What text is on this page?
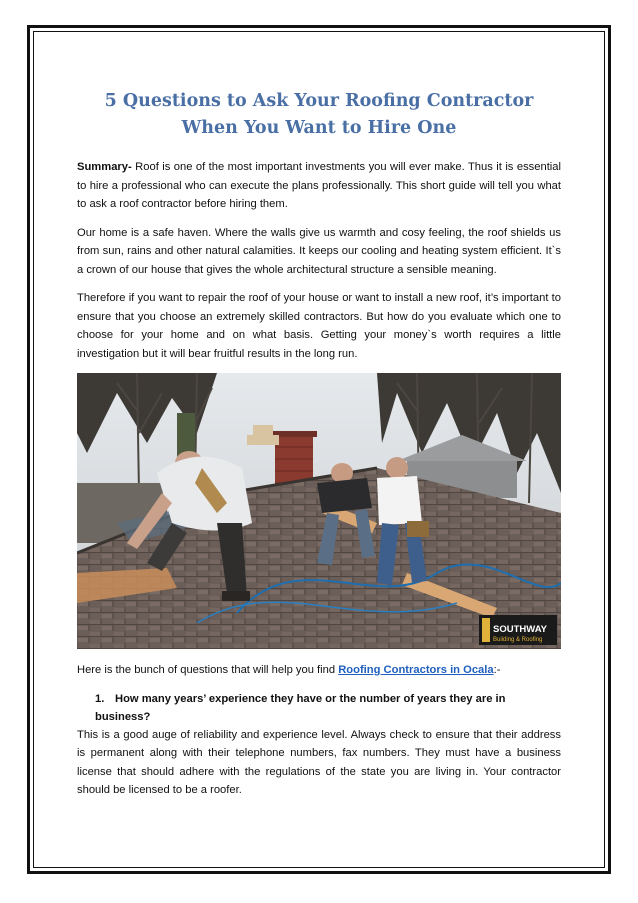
5 Questions to Ask Your Roofing Contractor
When You Want to Hire One

Summary- Roof is one of the most important investments you will ever make. Thus it is essential to hire a professional who can execute the plans professionally. This short guide will tell you what to ask a roof contractor before hiring them.

Our home is a safe haven. Where the walls give us warmth and cosy feeling, the roof shields us from sun, rains and other natural calamities. It keeps our cooling and heating system efficient. It`s a crown of our house that gives the whole architectural structure a sensible meaning.

Therefore if you want to repair the roof of your house or want to install a new roof, it’s important to ensure that you choose an extremely skilled contractors. But how do you evaluate which one to choose for your home and on what basis. Getting your money`s worth requires a little investigation but it will bear fruitful results in the long run.

SOUTHWAY
Building & Roofing

Here is the bunch of questions that will help you find Roofing Contractors in Ocala:-

1. How many years’ experience they have or the number of years they are in business?

This is a good auge of reliability and experience level. Always check to ensure that their address is permanent along with their telephone numbers, fax numbers. They must have a business license that should adhere with the regulations of the state you are living in. Your contractor should be licensed to be a roofer.
